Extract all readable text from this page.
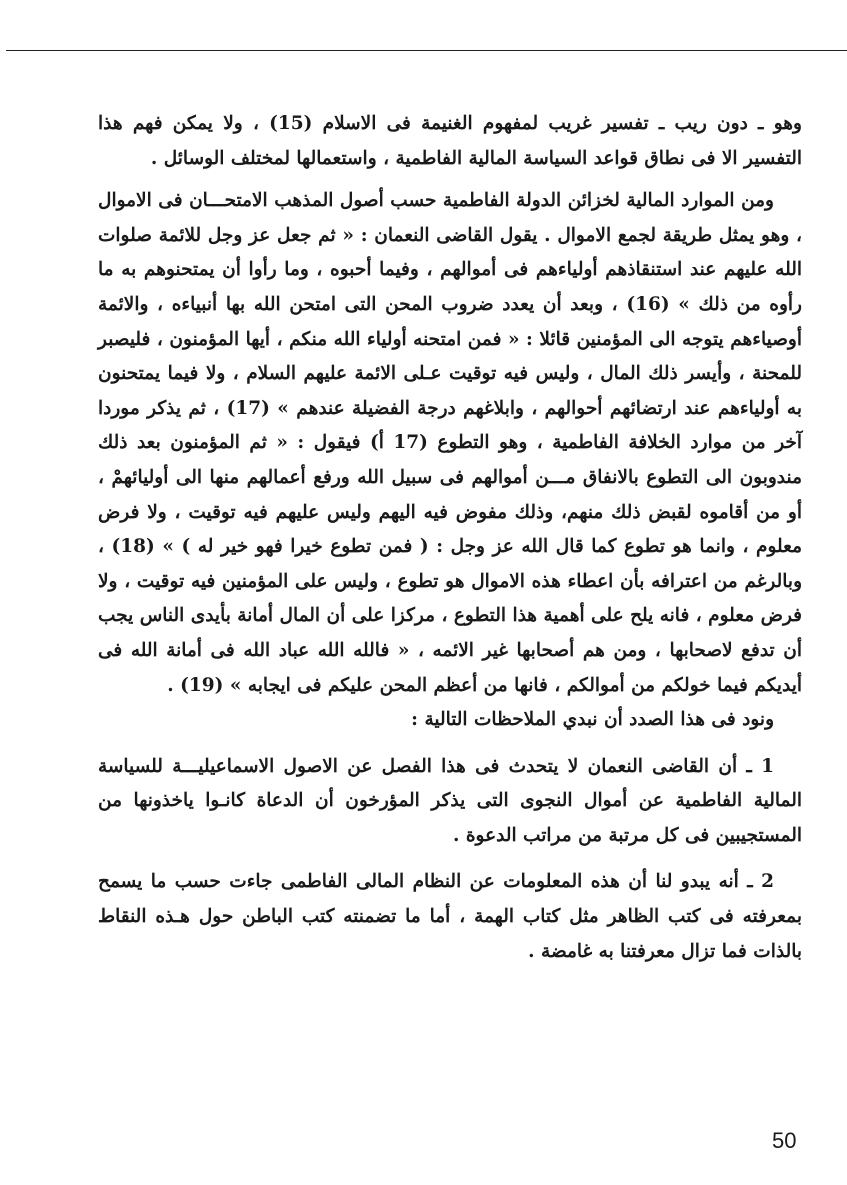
وهو ـ دون ريب ـ تفسير غريب لمفهوم الغنيمة فى الاسلام (15) ، ولا يمكن فهم هذا التفسير الا فى نطاق قواعد السياسة المالية الفاطمية ، واستعمالها لمختلف الوسائل .

ومن الموارد المالية لخزائن الدولة الفاطمية حسب أصول المذهب الامتحـــان فى الاموال ، وهو يمثل طريقة لجمع الاموال . يقول القاضى النعمان : « ثم جعل عز وجل للائمة صلوات الله عليهم عند استنقاذهم أولياءهم فى أموالهم ، وفيما أحبوه ، وما رأوا أن يمتحنوهم به ما رأوه من ذلك » (16) ، وبعد أن يعدد ضروب المحن التى امتحن الله بها أنبياءه ، والائمة أوصياءهم يتوجه الى المؤمنين قائلا : « فمن امتحنه أولياء الله منكم ، أيها المؤمنون ، فليصبر للمحنة ، وأيسر ذلك المال ، وليس فيه توقيت عـلى الائمة عليهم السلام ، ولا فيما يمتحنون به أولياءهم عند ارتضائهم أحوالهم ، وابلاغهم درجة الفضيلة عندهم » (17) ، ثم يذكر موردا آخر من موارد الخلافة الفاطمية ، وهو التطوع (17 أ) فيقول : « ثم المؤمنون بعد ذلك مندوبون الى التطوع بالانفاق مـــن أموالهم فى سبيل الله ورفع أعمالهم منها الى أوليائهمْ ، أو من أقاموه لقبض ذلك منهم، وذلك مفوض فيه اليهم وليس عليهم فيه توقيت ، ولا فرض معلوم ، وانما هو تطوع كما قال الله عز وجل : ( فمن تطوع خيرا فهو خير له ) » (18) ، وبالرغم من اعترافه بأن اعطاء هذه الاموال هو تطوع ، وليس على المؤمنين فيه توقيت ، ولا فرض معلوم ، فانه يلح على أهمية هذا التطوع ، مركزا على أن المال أمانة بأيدى الناس يجب أن تدفع لاصحابها ، ومن هم أصحابها غير الائمه ، « فالله الله عباد الله فى أمانة الله فى أيديكم فيما خولكم من أموالكم ، فانها من أعظم المحن عليكم فى ايجابه » (19) .

ونود فى هذا الصدد أن نبدي الملاحظات التالية :

1 ـ أن القاضى النعمان لا يتحدث فى هذا الفصل عن الاصول الاسماعيليـــة للسياسة المالية الفاطمية عن أموال النجوى التى يذكر المؤرخون أن الدعاة كانـوا ياخذونها من المستجيبين فى كل مرتبة من مراتب الدعوة .

2 ـ أنه يبدو لنا أن هذه المعلومات عن النظام المالى الفاطمى جاءت حسب ما يسمح بمعرفته فى كتب الظاهر مثل كتاب الهمة ، أما ما تضمنته كتب الباطن حول هـذه النقاط بالذات فما تزال معرفتنا به غامضة .

50
